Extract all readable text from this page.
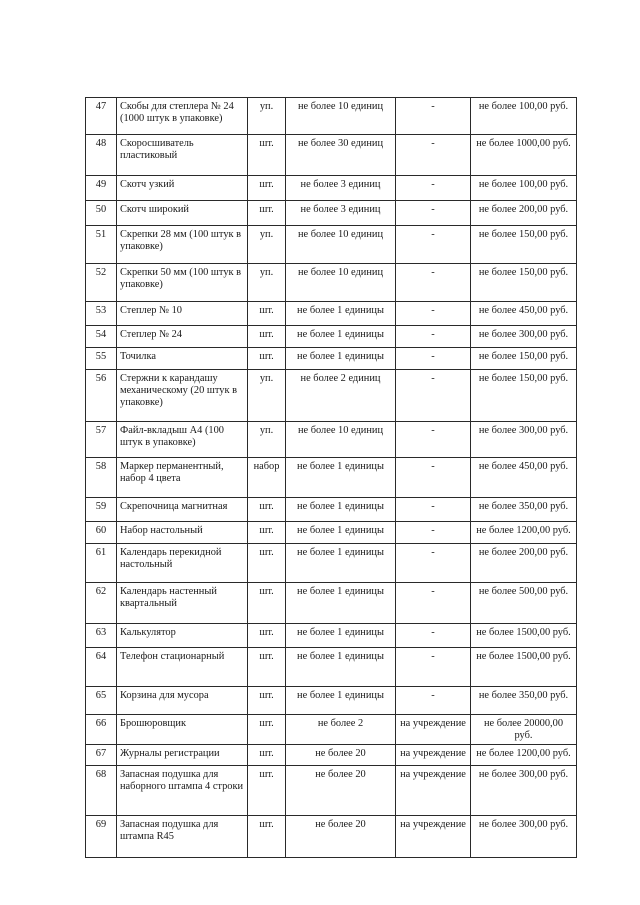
47	Скобы для степлера № 24 (1000 штук в упаковке)	уп.	не более 10 единиц	-	не более 100,00 руб.
48	Скоросшиватель пластиковый	шт.	не более 30 единиц	-	не более 1000,00 руб.
49	Скотч узкий	шт.	не более 3 единиц	-	не более 100,00 руб.
50	Скотч широкий	шт.	не более 3 единиц	-	не более 200,00 руб.
51	Скрепки 28 мм (100 штук в упаковке)	уп.	не более 10 единиц	-	не более 150,00 руб.
52	Скрепки 50 мм (100 штук в упаковке)	уп.	не более 10 единиц	-	не более 150,00 руб.
53	Степлер № 10	шт.	не более 1 единицы	-	не более 450,00 руб.
54	Степлер № 24	шт.	не более 1 единицы	-	не более 300,00 руб.
55	Точилка	шт.	не более 1 единицы	-	не более 150,00 руб.
56	Стержни к карандашу механическому (20 штук в упаковке)	уп.	не более 2 единиц	-	не более 150,00 руб.
57	Файл-вкладыш А4 (100 штук в упаковке)	уп.	не более 10 единиц	-	не более 300,00 руб.
58	Маркер перманентный, набор 4 цвета	набор	не более 1 единицы	-	не более 450,00 руб.
59	Скрепочница магнитная	шт.	не более 1 единицы	-	не более 350,00 руб.
60	Набор настольный	шт.	не более 1 единицы	-	не более 1200,00 руб.
61	Календарь перекидной настольный	шт.	не более 1 единицы	-	не более 200,00 руб.
62	Календарь настенный квартальный	шт.	не более 1 единицы	-	не более 500,00 руб.
63	Калькулятор	шт.	не более 1 единицы	-	не более 1500,00 руб.
64	Телефон стационарный	шт.	не более 1 единицы	-	не более 1500,00 руб.
65	Корзина для мусора	шт.	не более 1 единицы	-	не более 350,00 руб.
66	Брошюровщик	шт.	не более 2	на учреждение	не более 20000,00 руб.
67	Журналы регистрации	шт.	не более 20	на учреждение	не более 1200,00 руб.
68	Запасная подушка для наборного штампа 4 строки	шт.	не более 20	на учреждение	не более 300,00 руб.
69	Запасная подушка для штампа R45	шт.	не более 20	на учреждение	не более 300,00 руб.
